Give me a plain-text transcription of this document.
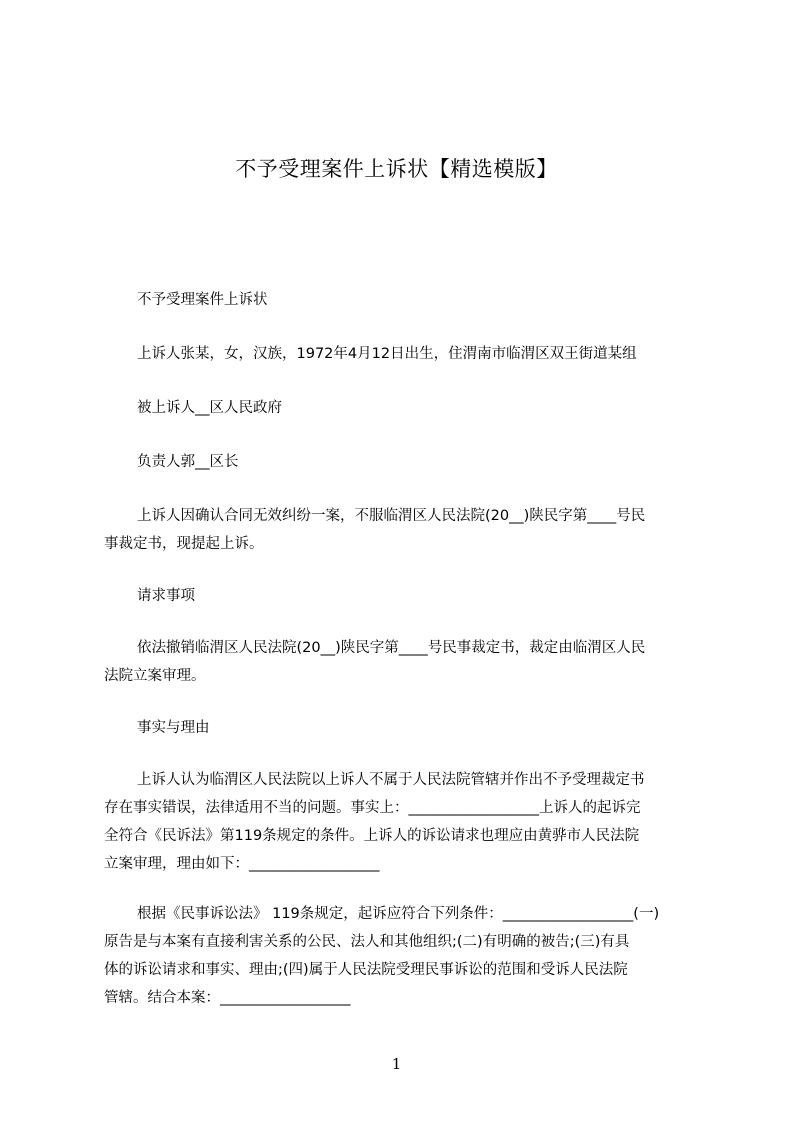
不予受理案件上诉状【精选模版】

不予受理案件上诉状

上诉人张某，女，汉族，1972年4月12日出生，住渭南市临渭区双王街道某组

被上诉人__区人民政府

负责人郭__区长

上诉人因确认合同无效纠纷一案，不服临渭区人民法院(20__)陕民字第____号民
事裁定书，现提起上诉。

请求事项

依法撤销临渭区人民法院(20__)陕民字第____号民事裁定书，裁定由临渭区人民
法院立案审理。

事实与理由

上诉人认为临渭区人民法院以上诉人不属于人民法院管辖并作出不予受理裁定书
存在事实错误，法律适用不当的问题。事实上：__________________上诉人的起诉完
全符合《民诉法》第119条规定的条件。上诉人的诉讼请求也理应由黄骅市人民法院
立案审理，理由如下：__________________
根据《民事诉讼法》 119条规定，起诉应符合下列条件：__________________(一)
原告是与本案有直接利害关系的公民、法人和其他组织;(二)有明确的被告;(三)有具
体的诉讼请求和事实、理由;(四)属于人民法院受理民事诉讼的范围和受诉人民法院
管辖。结合本案：__________________
1
